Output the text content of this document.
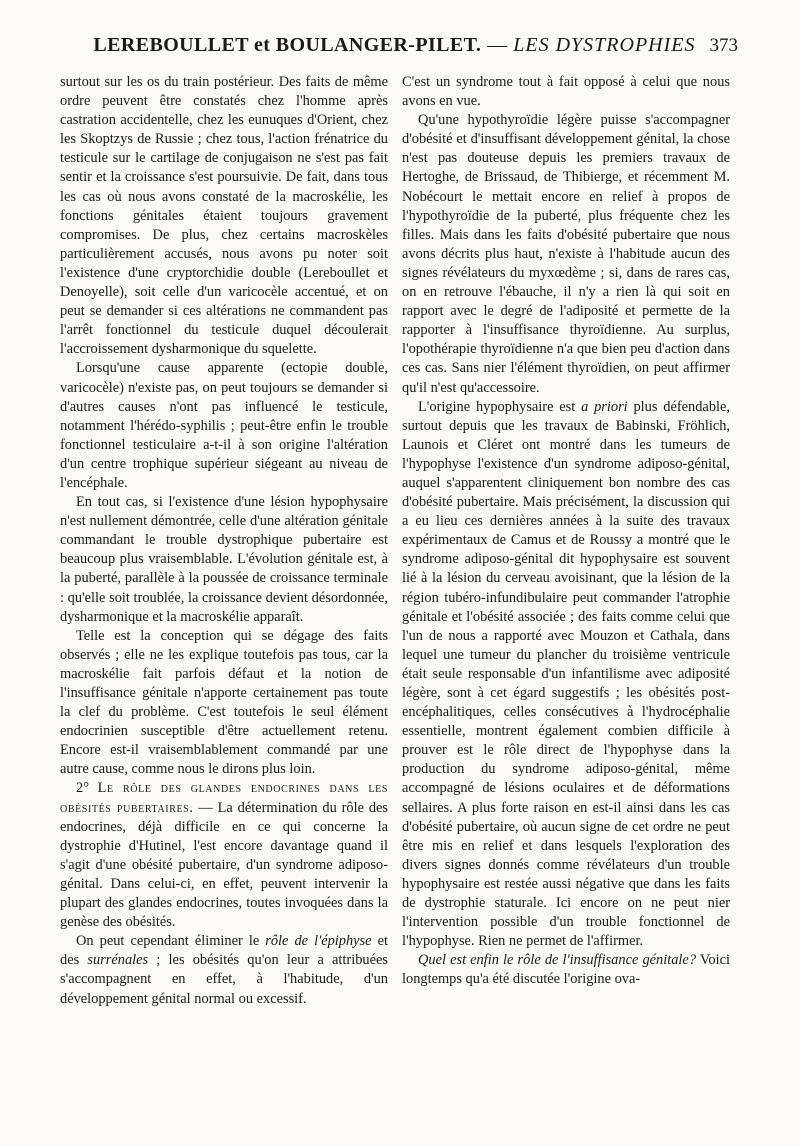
LEREBOULLET et BOULANGER-PILET. — LES DYSTROPHIES 373

surtout sur les os du train postérieur. Des faits de même ordre peuvent être constatés chez l'homme après castration accidentelle, chez les eunuques d'Orient, chez les Skoptzys de Russie ; chez tous, l'action frénatrice du testicule sur le cartilage de conjugaison ne s'est pas fait sentir et la croissance s'est poursuivie. De fait, dans tous les cas où nous avons constaté de la macroskélie, les fonctions génitales étaient toujours gravement compromises. De plus, chez certains macroskèles particulièrement accusés, nous avons pu noter soit l'existence d'une cryptorchidie double (Lereboullet et Denoyelle), soit celle d'un varicocèle accentué, et on peut se demander si ces altérations ne commandent pas l'arrêt fonctionnel du testicule duquel découlerait l'accroissement dysharmonique du squelette.

Lorsqu'une cause apparente (ectopie double, varicocèle) n'existe pas, on peut toujours se demander si d'autres causes n'ont pas influencé le testicule, notamment l'hérédo-syphilis ; peut-être enfin le trouble fonctionnel testiculaire a-t-il à son origine l'altération d'un centre trophique supérieur siégeant au niveau de l'encéphale.

En tout cas, si l'existence d'une lésion hypophysaire n'est nullement démontrée, celle d'une altération génitale commandant le trouble dystrophique pubertaire est beaucoup plus vraisemblable. L'évolution génitale est, à la puberté, parallèle à la poussée de croissance terminale : qu'elle soit troublée, la croissance devient désordonnée, dysharmonique et la macroskélie apparaît.

Telle est la conception qui se dégage des faits observés ; elle ne les explique toutefois pas tous, car la macroskélie fait parfois défaut et la notion de l'insuffisance génitale n'apporte certainement pas toute la clef du problème. C'est toutefois le seul élément endocrinien susceptible d'être actuellement retenu. Encore est-il vraisemblablement commandé par une autre cause, comme nous le dirons plus loin.

2° Le rôle des glandes endocrines dans les obésités pubertaires. — La détermination du rôle des endocrines, déjà difficile en ce qui concerne la dystrophie d'Hutinel, l'est encore davantage quand il s'agit d'une obésité pubertaire, d'un syndrome adiposo-génital. Dans celui-ci, en effet, peuvent intervenir la plupart des glandes endocrines, toutes invoquées dans la genèse des obésités.

On peut cependant éliminer le rôle de l'épiphyse et des surrénales ; les obésités qu'on leur a attribuées s'accompagnent en effet, à l'habitude, d'un développement génital normal ou excessif.

C'est un syndrome tout à fait opposé à celui que nous avons en vue.

Qu'une hypothyroïdie légère puisse s'accompagner d'obésité et d'insuffisant développement génital, la chose n'est pas douteuse depuis les premiers travaux de Hertoghe, de Brissaud, de Thibierge, et récemment M. Nobécourt le mettait encore en relief à propos de l'hypothyroïdie de la puberté, plus fréquente chez les filles. Mais dans les faits d'obésité pubertaire que nous avons décrits plus haut, n'existe à l'habitude aucun des signes révélateurs du myxœdème ; si, dans de rares cas, on en retrouve l'ébauche, il n'y a rien là qui soit en rapport avec le degré de l'adiposité et permette de la rapporter à l'insuffisance thyroïdienne. Au surplus, l'opothérapie thyroïdienne n'a que bien peu d'action dans ces cas. Sans nier l'élément thyroïdien, on peut affirmer qu'il n'est qu'accessoire.

L'origine hypophysaire est a priori plus défendable, surtout depuis que les travaux de Babinski, Fröhlich, Launois et Cléret ont montré dans les tumeurs de l'hypophyse l'existence d'un syndrome adiposo-génital, auquel s'apparentent cliniquement bon nombre des cas d'obésité pubertaire. Mais précisément, la discussion qui a eu lieu ces dernières années à la suite des travaux expérimentaux de Camus et de Roussy a montré que le syndrome adiposo-génital dit hypophysaire est souvent lié à la lésion du cerveau avoisinant, que la lésion de la région tubéro-infundibulaire peut commander l'atrophie génitale et l'obésité associée ; des faits comme celui que l'un de nous a rapporté avec Mouzon et Cathala, dans lequel une tumeur du plancher du troisième ventricule était seule responsable d'un infantilisme avec adiposité légère, sont à cet égard suggestifs ; les obésités post-encéphalitiques, celles consécutives à l'hydrocéphalie essentielle, montrent également combien difficile à prouver est le rôle direct de l'hypophyse dans la production du syndrome adiposo-génital, même accompagné de lésions oculaires et de déformations sellaires. A plus forte raison en est-il ainsi dans les cas d'obésité pubertaire, où aucun signe de cet ordre ne peut être mis en relief et dans lesquels l'exploration des divers signes donnés comme révélateurs d'un trouble hypophysaire est restée aussi négative que dans les faits de dystrophie staturale. Ici encore on ne peut nier l'intervention possible d'un trouble fonctionnel de l'hypophyse. Rien ne permet de l'affirmer.

Quel est enfin le rôle de l'insuffisance génitale? Voici longtemps qu'a été discutée l'origine ova-
